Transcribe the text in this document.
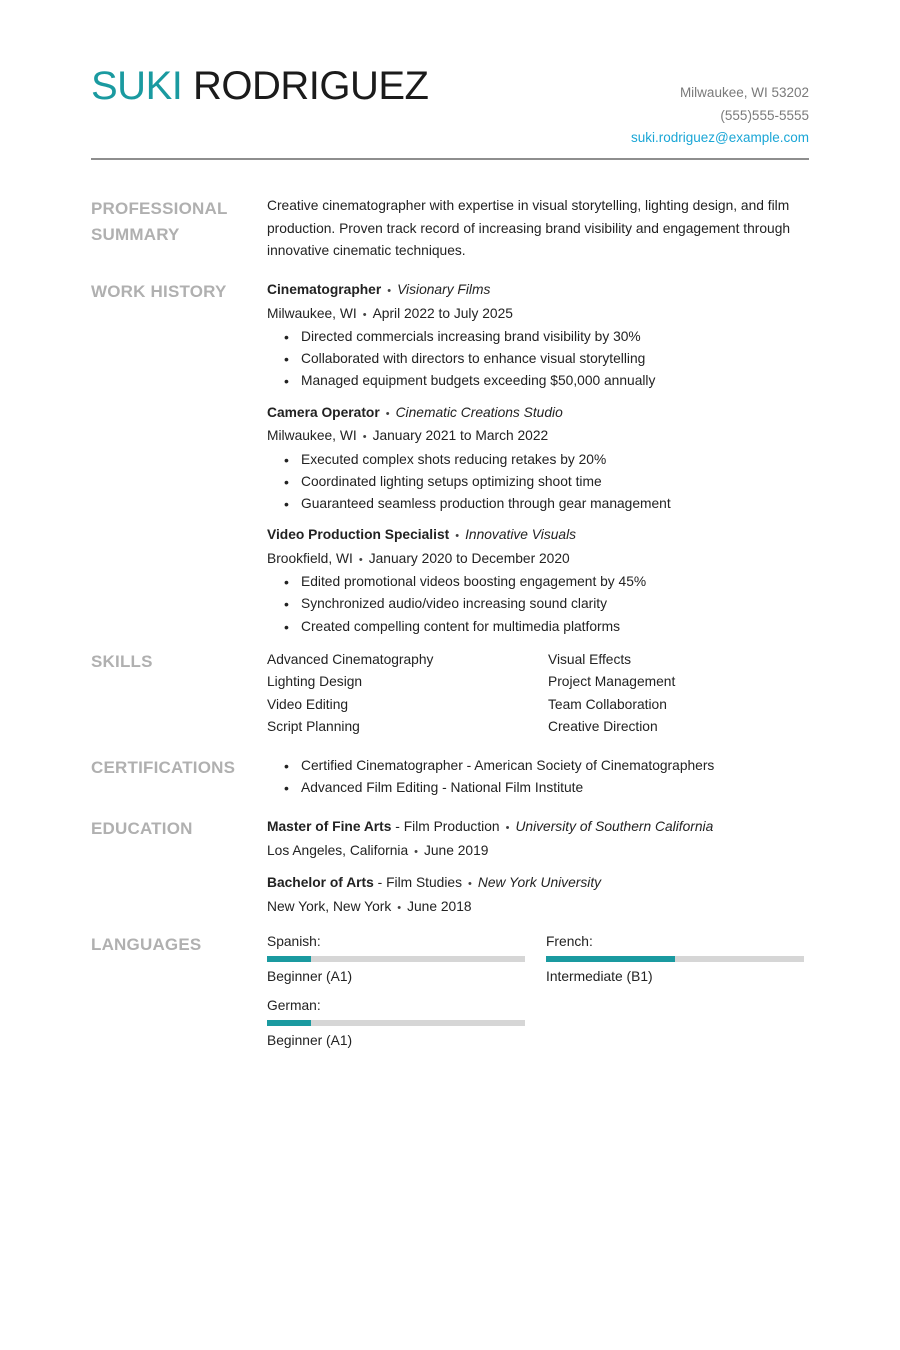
SUKI RODRIGUEZ	Milwaukee, WI 53202
(555)555-5555
suki.rodriguez@example.com
PROFESSIONAL SUMMARY
Creative cinematographer with expertise in visual storytelling, lighting design, and film production. Proven track record of increasing brand visibility and engagement through innovative cinematic techniques.
WORK HISTORY	Cinematographer • Visionary Films
Milwaukee, WI • April 2022 to July 2025
• Directed commercials increasing brand visibility by 30%
• Collaborated with directors to enhance visual storytelling
• Managed equipment budgets exceeding $50,000 annually
Camera Operator • Cinematic Creations Studio
Milwaukee, WI • January 2021 to March 2022
• Executed complex shots reducing retakes by 20%
• Coordinated lighting setups optimizing shoot time
• Guaranteed seamless production through gear management
Video Production Specialist • Innovative Visuals
Brookfield, WI • January 2020 to December 2020
• Edited promotional videos boosting engagement by 45%
• Synchronized audio/video increasing sound clarity
• Created compelling content for multimedia platforms
SKILLS	Advanced Cinematography	Visual Effects
Lighting Design	Project Management
Video Editing	Team Collaboration
Script Planning	Creative Direction
CERTIFICATIONS
•	Certified Cinematographer - American Society of Cinematographers
• Advanced Film Editing - National Film Institute
EDUCATION	Master of Fine Arts - Film Production • University of Southern California
Los Angeles, California • June 2019
Bachelor of Arts - Film Studies • New York University
New York, New York • June 2018
LANGUAGES	Spanish:
Beginner (A1)
French:
Intermediate (B1)
German:
Beginner (A1)
